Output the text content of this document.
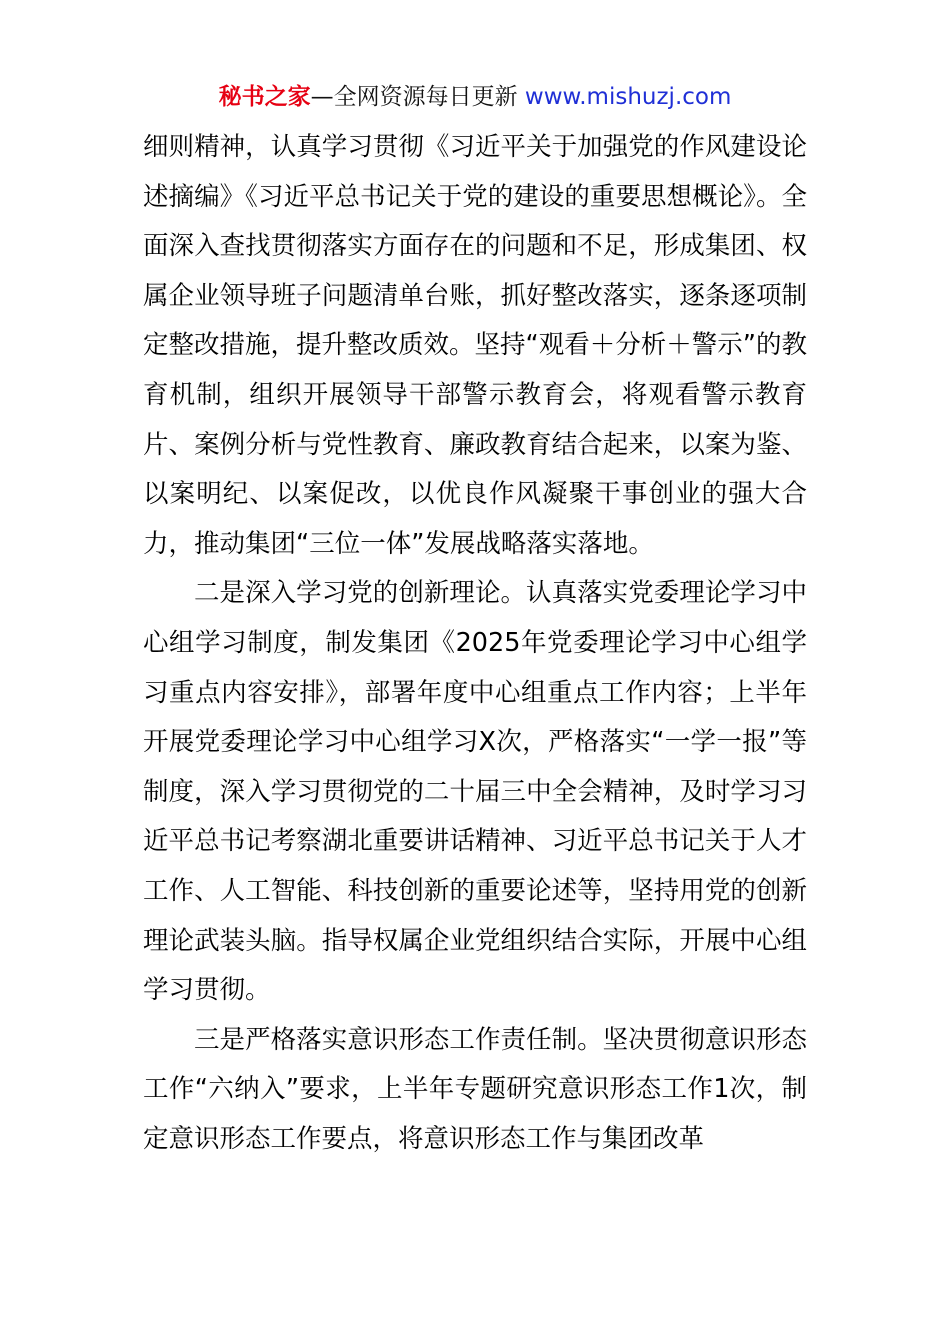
秘书之家—全网资源每日更新 www.mishuzj.com

细则精神，认真学习贯彻《习近平关于加强党的作风建设论述摘编》《习近平总书记关于党的建设的重要思想概论》。全面深入查找贯彻落实方面存在的问题和不足，形成集团、权属企业领导班子问题清单台账，抓好整改落实，逐条逐项制定整改措施，提升整改质效。坚持“观看＋分析＋警示”的教育机制，组织开展领导干部警示教育会，将观看警示教育片、案例分析与党性教育、廉政教育结合起来，以案为鉴、以案明纪、以案促改，以优良作风凝聚干事创业的强大合力，推动集团“三位一体”发展战略落实落地。

二是深入学习党的创新理论。认真落实党委理论学习中心组学习制度，制发集团《2025年党委理论学习中心组学习重点内容安排》，部署年度中心组重点工作内容；上半年开展党委理论学习中心组学习X次，严格落实“一学一报”等制度，深入学习贯彻党的二十届三中全会精神，及时学习习近平总书记考察湖北重要讲话精神、习近平总书记关于人才工作、人工智能、科技创新的重要论述等，坚持用党的创新理论武装头脑。指导权属企业党组织结合实际，开展中心组学习贯彻。

三是严格落实意识形态工作责任制。坚决贯彻意识形态工作“六纳入”要求，上半年专题研究意识形态工作1次，制定意识形态工作要点，将意识形态工作与集团改革
